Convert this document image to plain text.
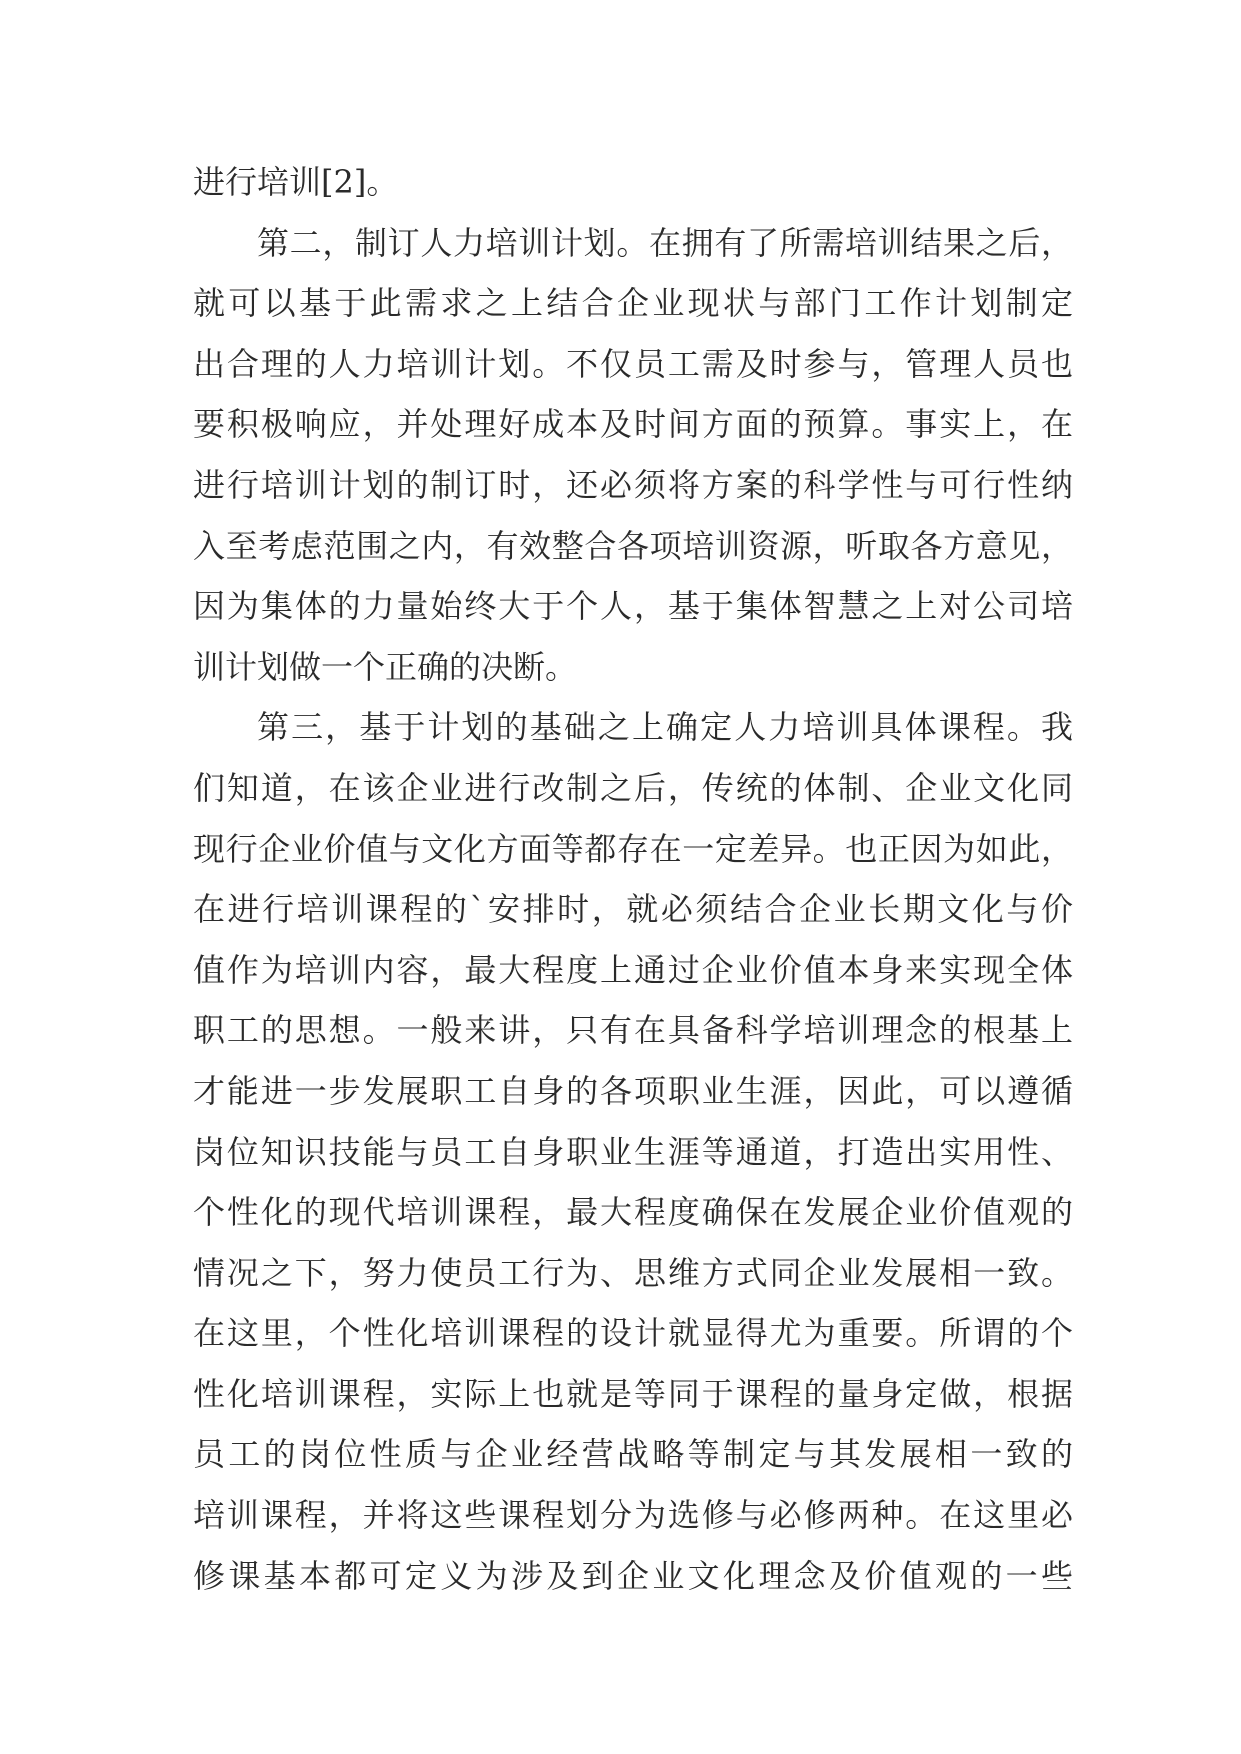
进行培训[2]。
第二，制订人力培训计划。在拥有了所需培训结果之后，
就可以基于此需求之上结合企业现状与部门工作计划制定
出合理的人力培训计划。不仅员工需及时参与，管理人员也
要积极响应，并处理好成本及时间方面的预算。事实上，在
进行培训计划的制订时，还必须将方案的科学性与可行性纳
入至考虑范围之内，有效整合各项培训资源，听取各方意见，
因为集体的力量始终大于个人，基于集体智慧之上对公司培
训计划做一个正确的决断。
第三，基于计划的基础之上确定人力培训具体课程。我
们知道，在该企业进行改制之后，传统的体制、企业文化同
现行企业价值与文化方面等都存在一定差异。也正因为如此，
在进行培训课程的`安排时，就必须结合企业长期文化与价
值作为培训内容，最大程度上通过企业价值本身来实现全体
职工的思想。一般来讲，只有在具备科学培训理念的根基上
才能进一步发展职工自身的各项职业生涯，因此，可以遵循
岗位知识技能与员工自身职业生涯等通道，打造出实用性、
个性化的现代培训课程，最大程度确保在发展企业价值观的
情况之下，努力使员工行为、思维方式同企业发展相一致。
在这里，个性化培训课程的设计就显得尤为重要。所谓的个
性化培训课程，实际上也就是等同于课程的量身定做，根据
员工的岗位性质与企业经营战略等制定与其发展相一致的
培训课程，并将这些课程划分为选修与必修两种。在这里必
修课基本都可定义为涉及到企业文化理念及价值观的一些
